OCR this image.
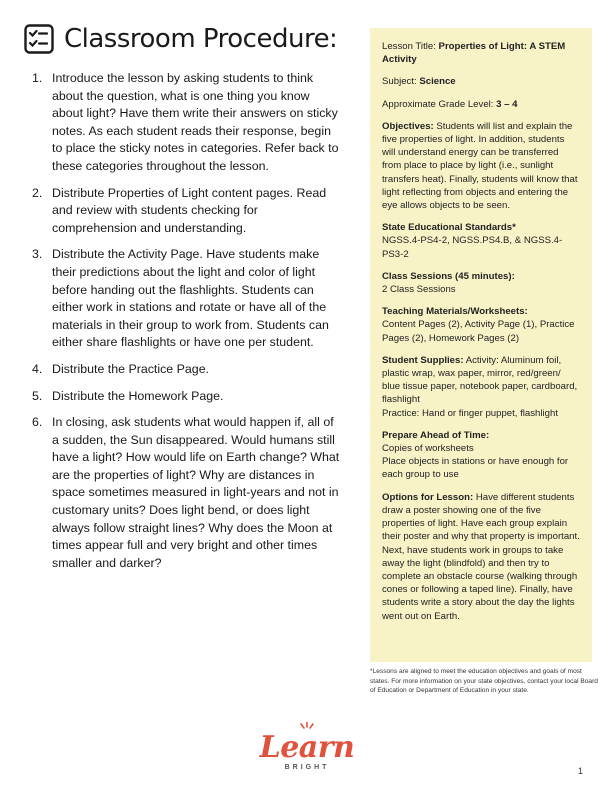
Classroom Procedure:
1. Introduce the lesson by asking students to think about the question, what is one thing you know about light? Have them write their answers on sticky notes. As each student reads their response, begin to place the sticky notes in categories. Refer back to these categories throughout the lesson.
2. Distribute Properties of Light content pages. Read and review with students checking for comprehension and understanding.
3. Distribute the Activity Page. Have students make their predictions about the light and color of light before handing out the flashlights. Students can either work in stations and rotate or have all of the materials in their group to work from. Students can either share flashlights or have one per student.
4. Distribute the Practice Page.
5. Distribute the Homework Page.
6. In closing, ask students what would happen if, all of a sudden, the Sun disappeared. Would humans still have a light? How would life on Earth change? What are the properties of light? Why are distances in space sometimes measured in light-years and not in customary units? Does light bend, or does light always follow straight lines? Why does the Moon at times appear full and very bright and other times smaller and darker?
Lesson Title: Properties of Light: A STEM Activity
Subject: Science
Approximate Grade Level: 3 – 4
Objectives: Students will list and explain the five properties of light. In addition, students will understand energy can be transferred from place to place by light (i.e., sunlight transfers heat). Finally, students will know that light reflecting from objects and entering the eye allows objects to be seen.
State Educational Standards*
NGSS.4-PS4-2, NGSS.PS4.B, & NGSS.4-PS3-2
Class Sessions (45 minutes):
2 Class Sessions
Teaching Materials/Worksheets:
Content Pages (2), Activity Page (1), Practice Pages (2), Homework Pages (2)
Student Supplies: Activity: Aluminum foil, plastic wrap, wax paper, mirror, red/green/ blue tissue paper, notebook paper, cardboard, flashlight
Practice: Hand or finger puppet, flashlight
Prepare Ahead of Time:
Copies of worksheets
Place objects in stations or have enough for each group to use
Options for Lesson: Have different students draw a poster showing one of the five properties of light. Have each group explain their poster and why that property is important. Next, have students work in groups to take away the light (blindfold) and then try to complete an obstacle course (walking through cones or following a taped line). Finally, have students write a story about the day the lights went out on Earth.
*Lessons are aligned to meet the education objectives and goals of most states. For more information on your state objectives, contact your local Board of Education or Department of Education in your state.
Learn
BRIGHT	1
